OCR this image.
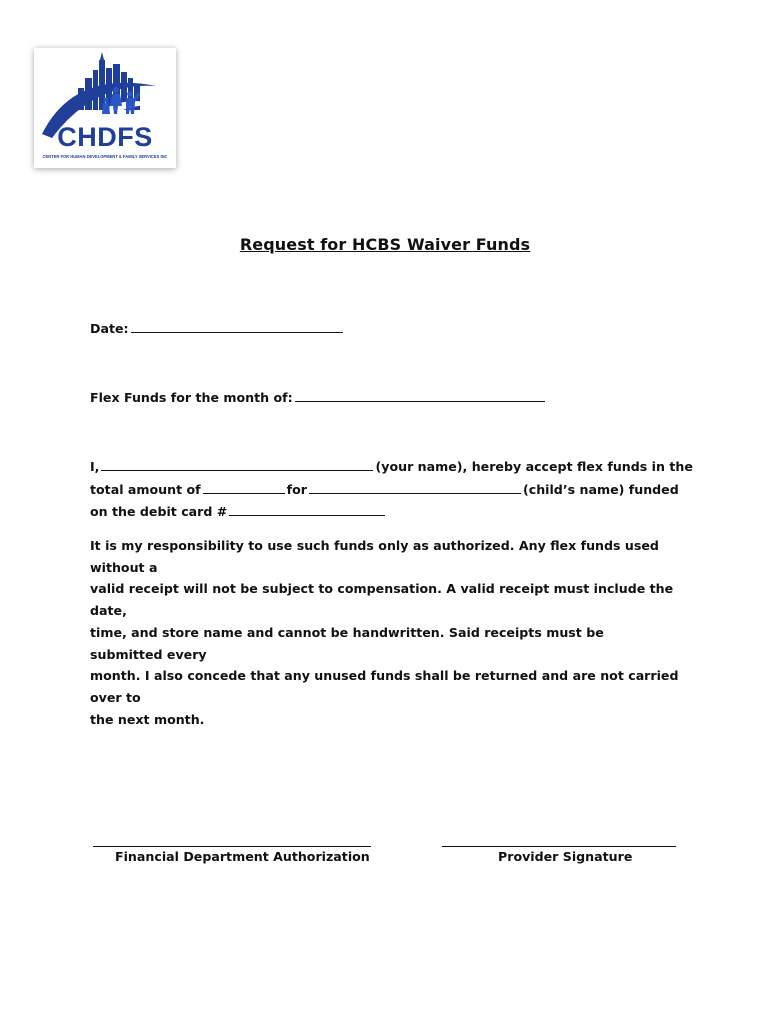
CHDFS
CENTER FOR HUMAN DEVELOPMENT & FAMILY SERVICES INC
Request for HCBS Waiver Funds
Date:
Flex Funds for the month of:
I,	(your name), hereby accept flex funds in the
total amount of	for	(child’s name) funded
on the debit card #
It is my responsibility to use such funds only as authorized. Any flex funds used without a
valid receipt will not be subject to compensation. A valid receipt must include the date,
time, and store name and cannot be handwritten. Said receipts must be submitted every
month. I also concede that any unused funds shall be returned and are not carried over to
the next month.
Financial Department Authorization	Provider Signature
